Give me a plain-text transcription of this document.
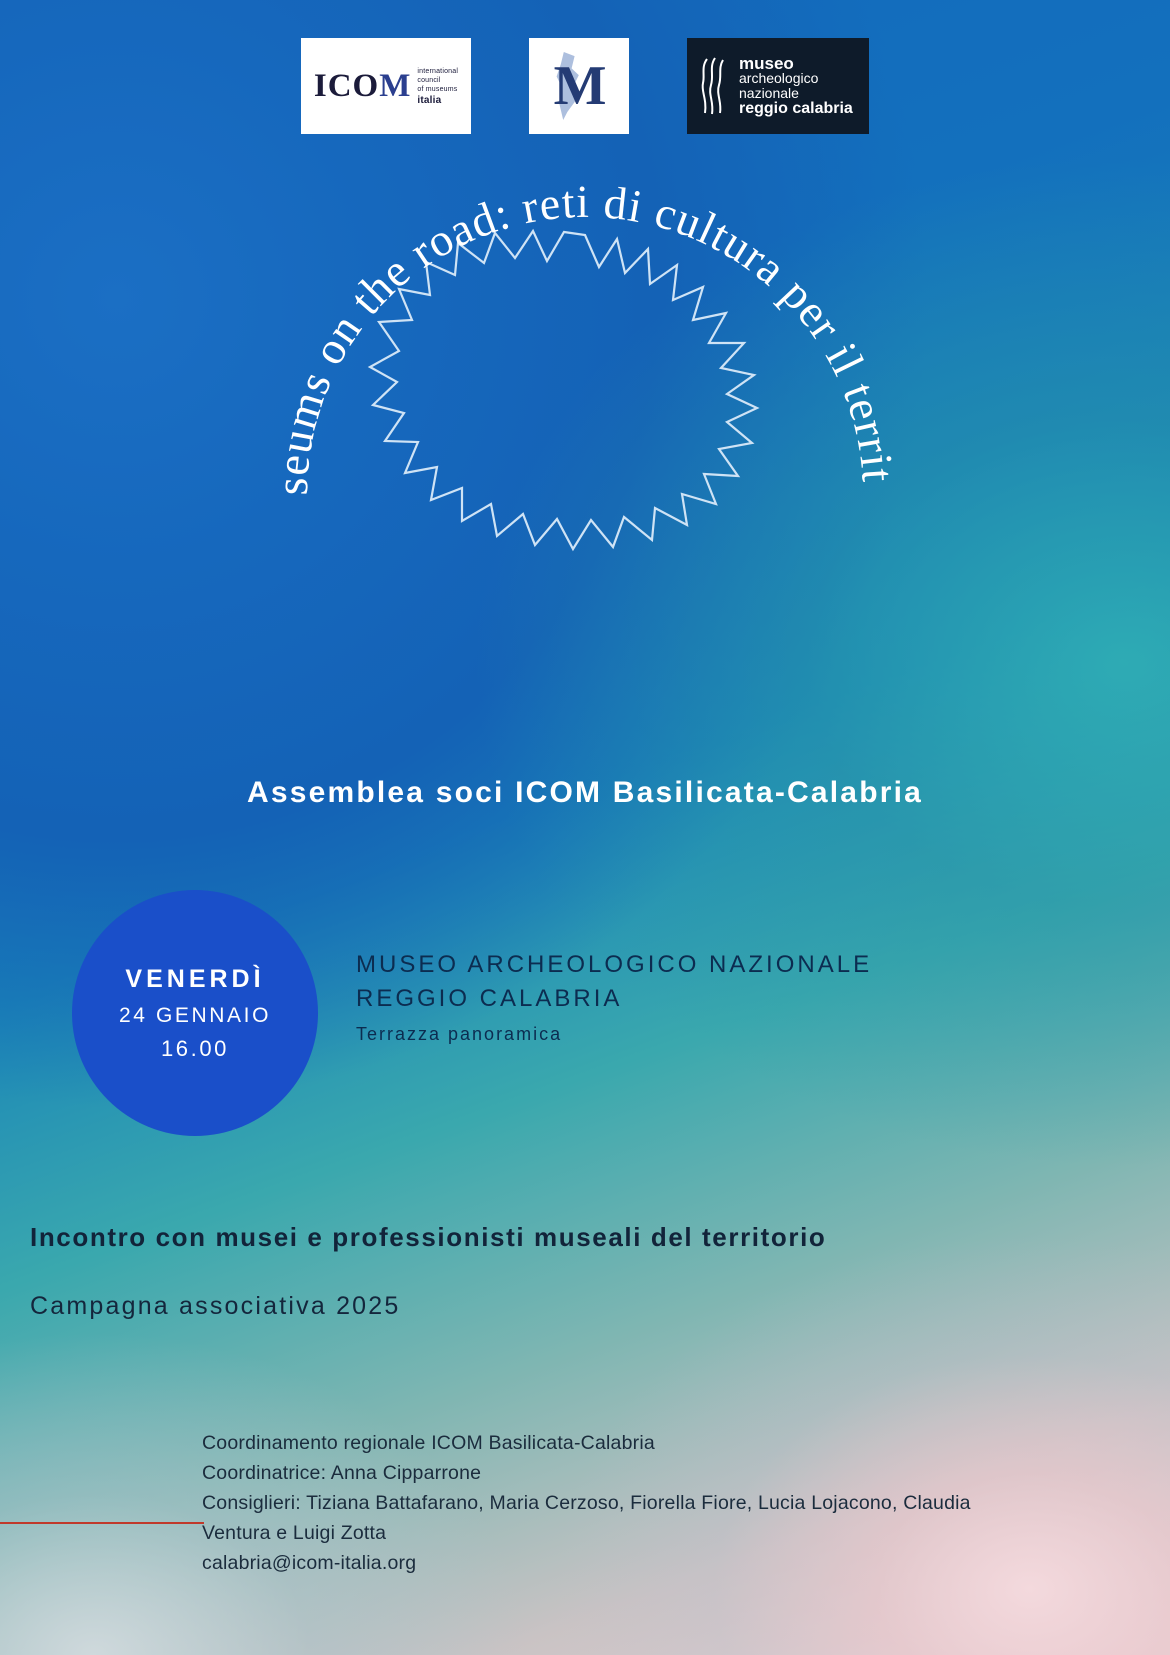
ICOM international
council
of museums
italia M	museo
archeologico
nazionale
reggio calabria
Museums on the road: reti di cultura per il territorio
Assemblea soci ICOM Basilicata-Calabria
VENERDÌ
24 GENNAIO
16.00
MUSEO ARCHEOLOGICO NAZIONALE
REGGIO CALABRIA
Terrazza panoramica
Incontro con musei e professionisti museali del territorio
Campagna associativa 2025
Coordinamento regionale ICOM Basilicata-Calabria
Coordinatrice: Anna Cipparrone
Consiglieri: Tiziana Battafarano, Maria Cerzoso, Fiorella Fiore, Lucia Lojacono, Claudia
Ventura e Luigi Zotta
calabria@icom-italia.org
